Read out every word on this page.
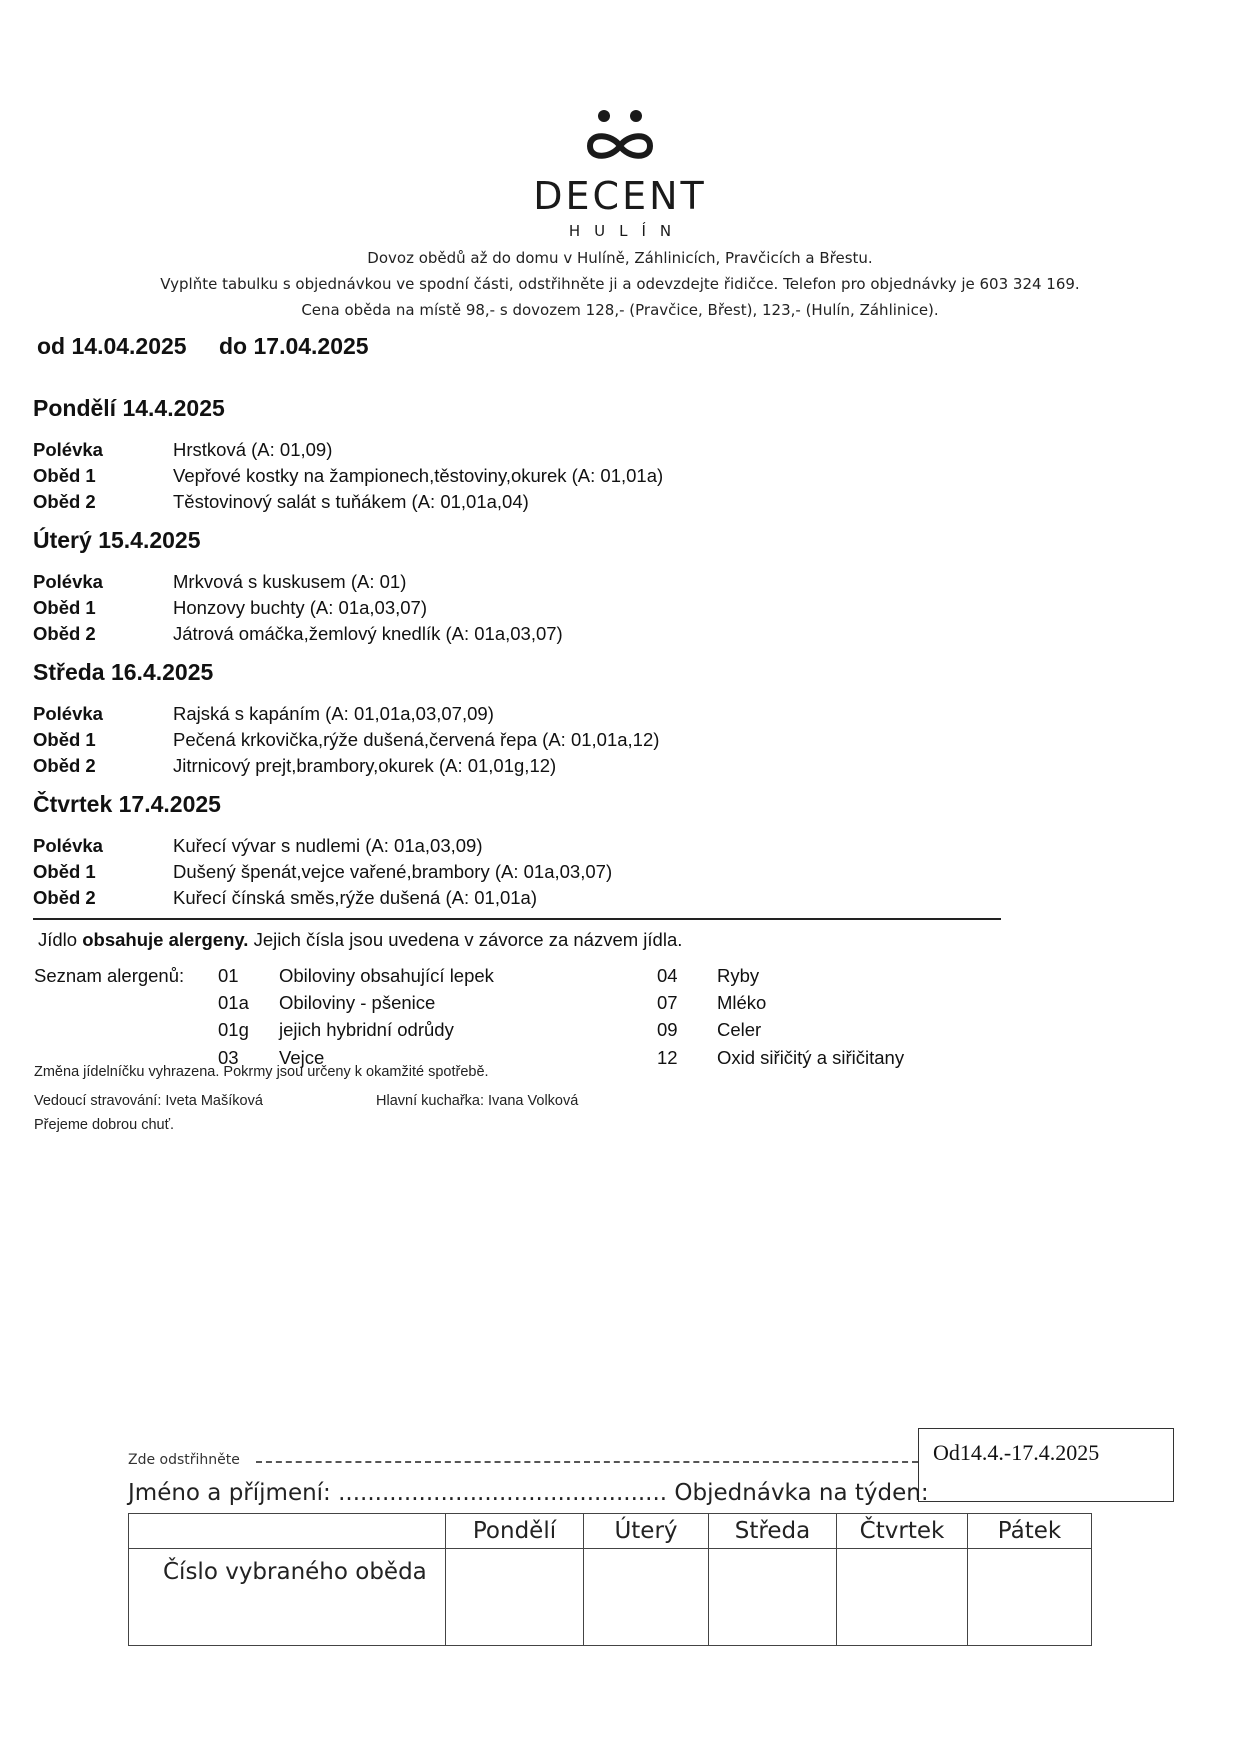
DECENT
HULÍN
Dovoz obědů až do domu v Hulíně, Záhlinicích, Pravčicích a Břestu.
Vyplňte tabulku s objednávkou ve spodní části, odstřihněte ji a odevzdejte řidičce. Telefon pro objednávky je 603 324 169.
Cena oběda na místě 98,- s dovozem 128,- (Pravčice, Břest), 123,- (Hulín, Záhlinice).
od 14.04.2025 do 17.04.2025
Pondělí 14.4.2025
Polévka	Hrstková (A: 01,09)
Oběd 1	Vepřové kostky na žampionech,těstoviny,okurek (A: 01,01a)
Oběd 2	Těstovinový salát s tuňákem (A: 01,01a,04)
Úterý 15.4.2025
Polévka	Mrkvová s kuskusem (A: 01)
Oběd 1	Honzovy buchty (A: 01a,03,07)
Oběd 2	Játrová omáčka,žemlový knedlík (A: 01a,03,07)
Středa 16.4.2025
Polévka	Rajská s kapáním (A: 01,01a,03,07,09)
Oběd 1	Pečená krkovička,rýže dušená,červená řepa (A: 01,01a,12)
Oběd 2	Jitrnicový prejt,brambory,okurek (A: 01,01g,12)
Čtvrtek 17.4.2025
Polévka	Kuřecí vývar s nudlemi (A: 01a,03,09)
Oběd 1	Dušený špenát,vejce vařené,brambory (A: 01a,03,07)
Oběd 2	Kuřecí čínská směs,rýže dušená (A: 01,01a)
Jídlo obsahuje alergeny. Jejich čísla jsou uvedena v závorce za názvem jídla.
Seznam alergenů: 01 Obiloviny obsahující lepek
01a Obiloviny - pšenice
01g jejich hybridní odrůdy
03 Vejce
04 Ryby
07 Mléko
09 Celer
12 Oxid siřičitý a siřičitany
Změna jídelníčku vyhrazena. Pokrmy jsou určeny k okamžité spotřebě.
Vedoucí stravování: Iveta Mašíková	Hlavní kuchařka: Ivana Volková
Přejeme dobrou chuť.
Zde odstřihněte	Od14.4.-17.4.2025
Jméno a příjmení: ............................................. Objednávka na týden:
	Pondělí	Úterý	Středa	Čtvrtek	Pátek
Číslo vybraného oběda					
